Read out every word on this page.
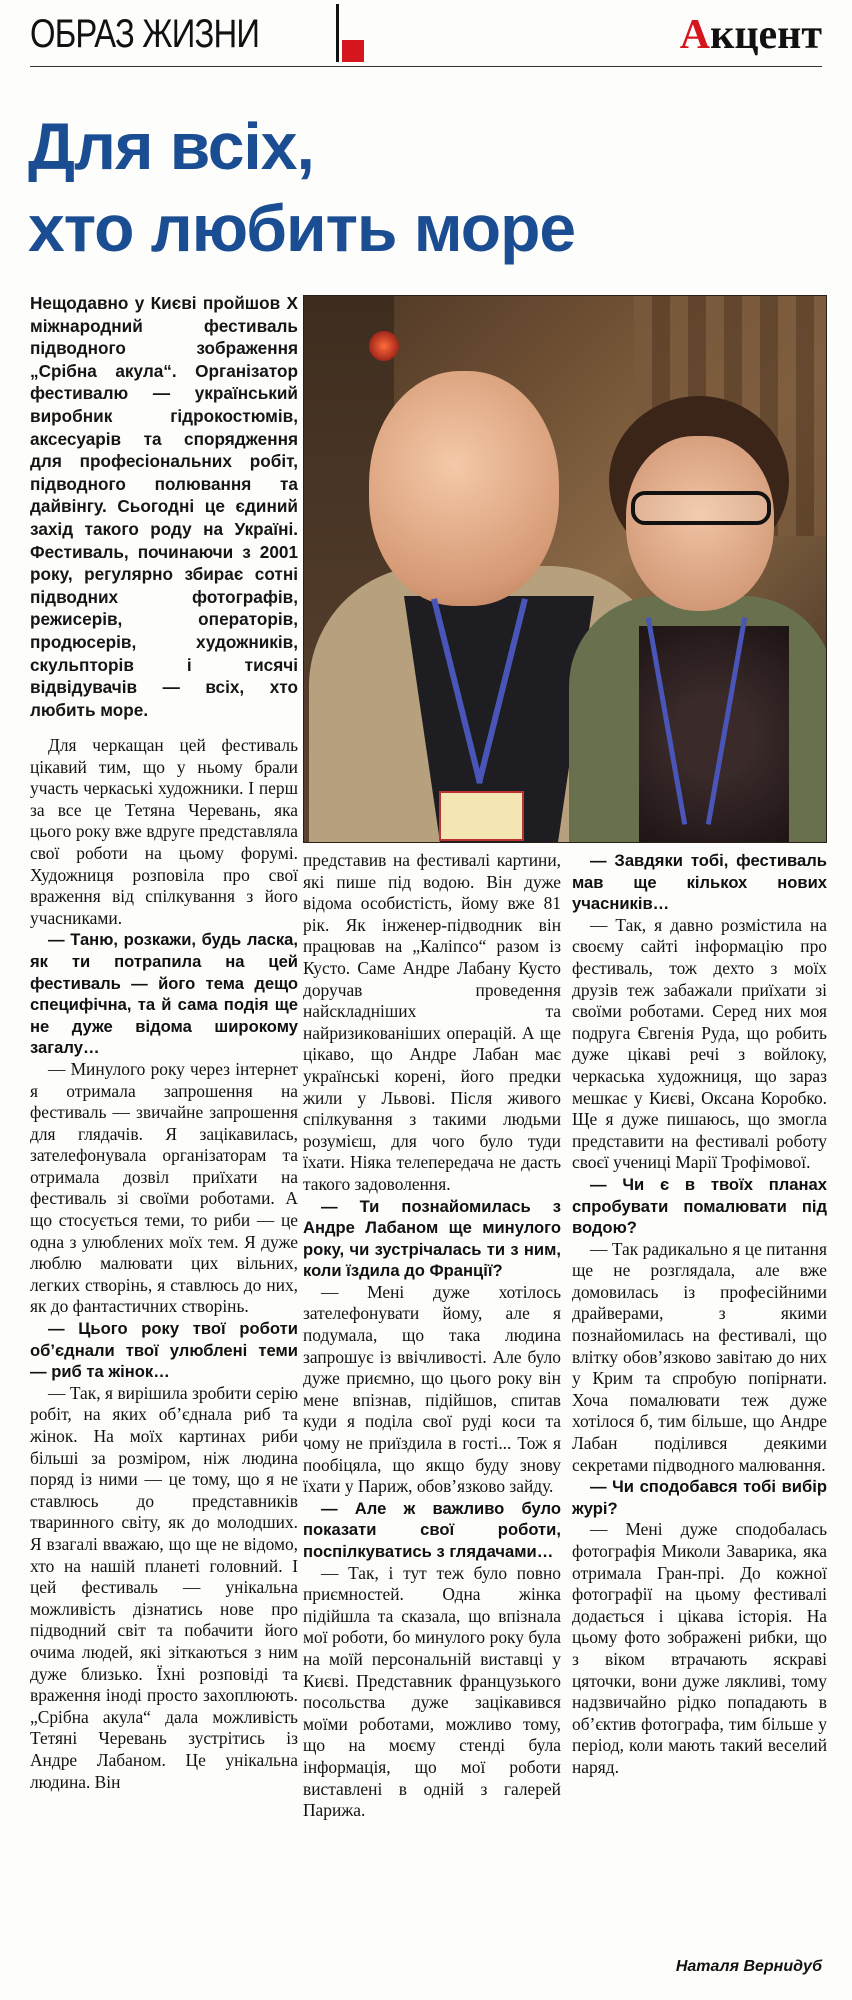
ОБРАЗ ЖИЗНИ	Акцент
Для всіх,
хто любить море
Нещодавно у Києві пройшов X міжнародний фестиваль підводного зображення „Срібна акула“. Організатор фестивалю — український виробник гідрокостюмів, аксесуарів та спорядження для професіональних робіт, підводного полювання та дайвінгу. Сьогодні це єдиний захід такого роду на Україні. Фестиваль, починаючи з 2001 року, регулярно збирає сотні підводних фотографів, режисерів, операторів, продюсерів, художників, скульпторів і тисячі відвідувачів — всіх, хто любить море.

Для черкащан цей фестиваль цікавий тим, що у ньому брали участь черкаські художники. І перш за все це Тетяна Черевань, яка цього року вже вдруге представляла свої роботи на цьому форумі. Художниця розповіла про свої враження від спілкування з його учасниками.

— Таню, розкажи, будь ласка, як ти потрапила на цей фестиваль — його тема дещо специфічна, та й сама подія ще не дуже відома широкому загалу…

— Минулого року через інтернет я отримала запрошення на фестиваль — звичайне запрошення для глядачів. Я зацікавилась, зателефонувала організаторам та отримала дозвіл приїхати на фестиваль зі своїми роботами. А що стосується теми, то риби — це одна з улюблених моїх тем. Я дуже люблю малювати цих вільних, легких створінь, я ставлюсь до них, як до фантастичних створінь.

— Цього року твої роботи об’єднали твої улюблені теми — риб та жінок…

— Так, я вирішила зробити серію робіт, на яких об’єднала риб та жінок. На моїх картинах риби більші за розміром, ніж людина поряд із ними — це тому, що я не ставлюсь до представників тваринного світу, як до молодших. Я взагалі вважаю, що ще не відомо, хто на нашій планеті головний. І цей фестиваль — унікальна можливість дізнатись нове про підводний світ та побачити його очима людей, які зіткаються з ним дуже близько. Їхні розповіді та враження іноді просто захоплюють. „Срібна акула“ дала можливість Тетяні Черевань зустрітись із Андре Лабаном. Це унікальна людина. Він

представив на фестивалі картини, які пише під водою. Він дуже відома особистість, йому вже 81 рік. Як інженер-підводник він працював на „Каліпсо“ разом із Кусто. Саме Андре Лабану Кусто доручав проведення найскладніших та найризикованіших операцій. А ще цікаво, що Андре Лабан має українські корені, його предки жили у Львові. Після живого спілкування з такими людьми розумієш, для чого було туди їхати. Ніяка телепередача не дасть такого задоволення.

— Ти познайомилась з Андре Лабаном ще минулого року, чи зустрічалась ти з ним, коли їздила до Франції?

— Мені дуже хотілось зателефонувати йому, але я подумала, що така людина запрошує із ввічливості. Але було дуже приємно, що цього року він мене впізнав, підійшов, спитав куди я поділа свої руді коси та чому не приїздила в гості... Тож я пообіцяла, що якщо буду знову їхати у Париж, обов’язково зайду.

— Але ж важливо було показати свої роботи, поспілкуватись з глядачами…

— Так, і тут теж було повно приємностей. Одна жінка підійшла та сказала, що впізнала мої роботи, бо минулого року була на моїй персональній виставці у Києві. Представник французького посольства дуже зацікавився моїми роботами, можливо тому, що на моєму стенді була інформація, що мої роботи виставлені в одній з галерей Парижа.

— Завдяки тобі, фестиваль мав ще кількох нових учасників…

— Так, я давно розмістила на своєму сайті інформацію про фестиваль, тож дехто з моїх друзів теж забажали приїхати зі своїми роботами. Серед них моя подруга Євгенія Руда, що робить дуже цікаві речі з войлоку, черкаська художниця, що зараз мешкає у Києві, Оксана Коробко. Ще я дуже пишаюсь, що змогла представити на фестивалі роботу своєї учениці Марії Трофімової.

— Чи є в твоїх планах спробувати помалювати під водою?

— Так радикально я це питання ще не розглядала, але вже домовилась із професійними драйверами, з якими познайомилась на фестивалі, що влітку обов’язково завітаю до них у Крим та спробую попірнати. Хоча помалювати теж дуже хотілося б, тим більше, що Андре Лабан поділився деякими секретами підводного малювання.

— Чи сподобався тобі вибір журі?

— Мені дуже сподобалась фотографія Миколи Заварика, яка отримала Гран-прі. До кожної фотографії на цьому фестивалі додається і цікава історія. На цьому фото зображені рибки, що з віком втрачають яскраві цяточки, вони дуже лякливі, тому надзвичайно рідко попадають в об’єктив фотографа, тим більше у період, коли мають такий веселий наряд.

Наталя Вернидуб
